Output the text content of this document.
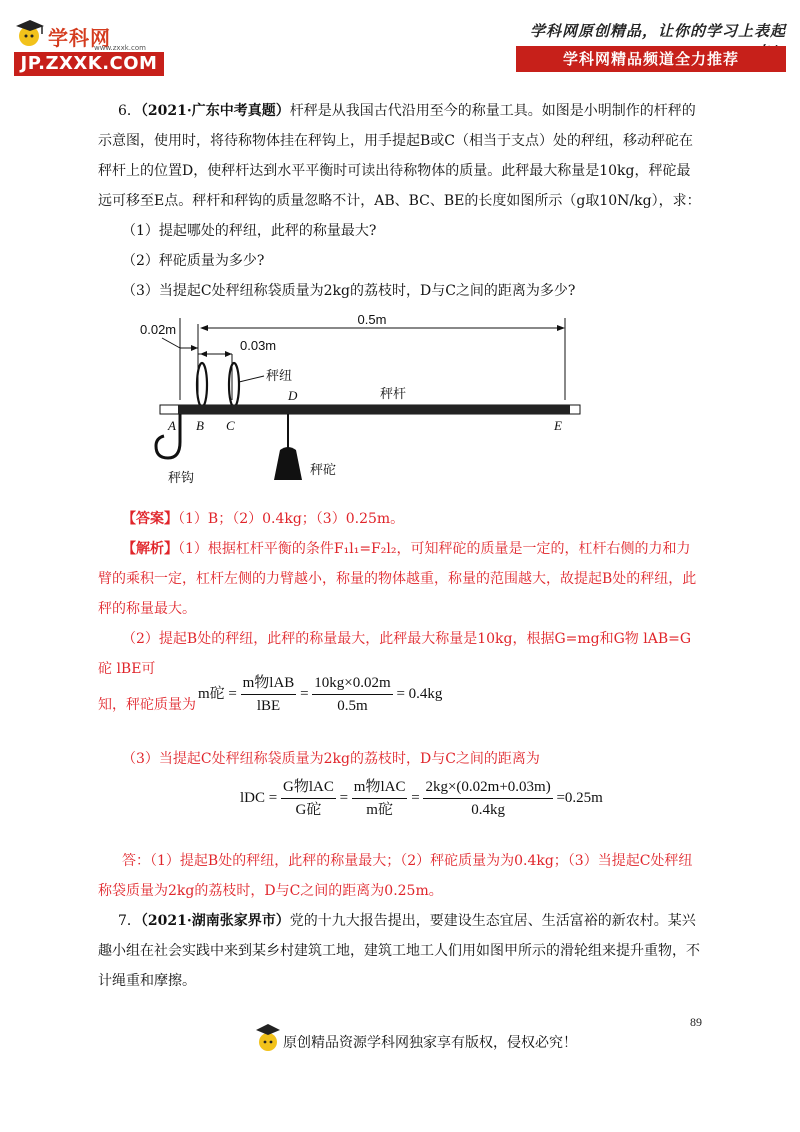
学科网
www.zxxk.com
JP.ZXXK.COM
学科网原创精品，让你的学习上表起
学科网精品频道全力推荐
6．（2021·广东中考真题）杆秤是从我国古代沿用至今的称量工具。如图是小明制作的杆秤的示意图，使用时，将待称物体挂在秤钩上，用手提起B或C（相当于支点）处的秤纽，移动秤砣在秤杆上的位置D，使秤杆达到水平平衡时可读出待称物体的质量。此秤最大称量是10kg，秤砣最远可移至E点。秤杆和秤钩的质量忽略不计，AB、BC、BE的长度如图所示（g取10N/kg），求：
（1）提起哪处的秤纽，此秤的称量最大?
（2）秤砣质量为多少?
（3）当提起C处秤纽称袋质量为2kg的荔枝时，D与C之间的距离为多少?
0.5m
0.02m
0.03m
秤纽
秤杆
D
A B C	E
秤钩
秤砣
【答案】（1）B；（2）0.4kg；（3）0.25m。
【解析】（1）根据杠杆平衡的条件F₁l₁=F₂l₂，可知秤砣的质量是一定的，杠杆右侧的力和力臂的乘积一定，杠杆左侧的力臂越小，称量的物体越重，称量的范围越大，故提起B处的秤纽，此秤的称量最大。
（2）提起B处的秤纽，此秤的称量最大，此秤最大称量是10kg，根据G=mg和G物 lAB=G砣 lBE可
知，秤砣质量为
m砣 = $\frac{\text{m物lAB}}{\text{lBE}} = \frac{10kg\times 0.02m}{0.5m} = 0.4kg$
（3）当提起C处秤纽称袋质量为2kg的荔枝时，D与C之间的距离为
lDC = $\frac{\text{G物lAC}}{\text{G砣}} = \frac{\text{m物lAC}}{\text{m砣}} = \frac{2kg\times(0.02m+0.03m)}{0.4kg} =0.25m$
答：（1）提起B处的秤纽，此秤的称量最大；（2）秤砣质量为为0.4kg；（3）当提起C处秤纽称袋质量为2kg的荔枝时，D与C之间的距离为0.25m。
7．（2021·湖南张家界市）党的十九大报告提出，要建设生态宜居、生活富裕的新农村。某兴趣小组在社会实践中来到某乡村建筑工地，建筑工地工人们用如图甲所示的滑轮组来提升重物，不计绳重和摩擦。
89
原创精品资源学科网独家享有版权，侵权必究！
